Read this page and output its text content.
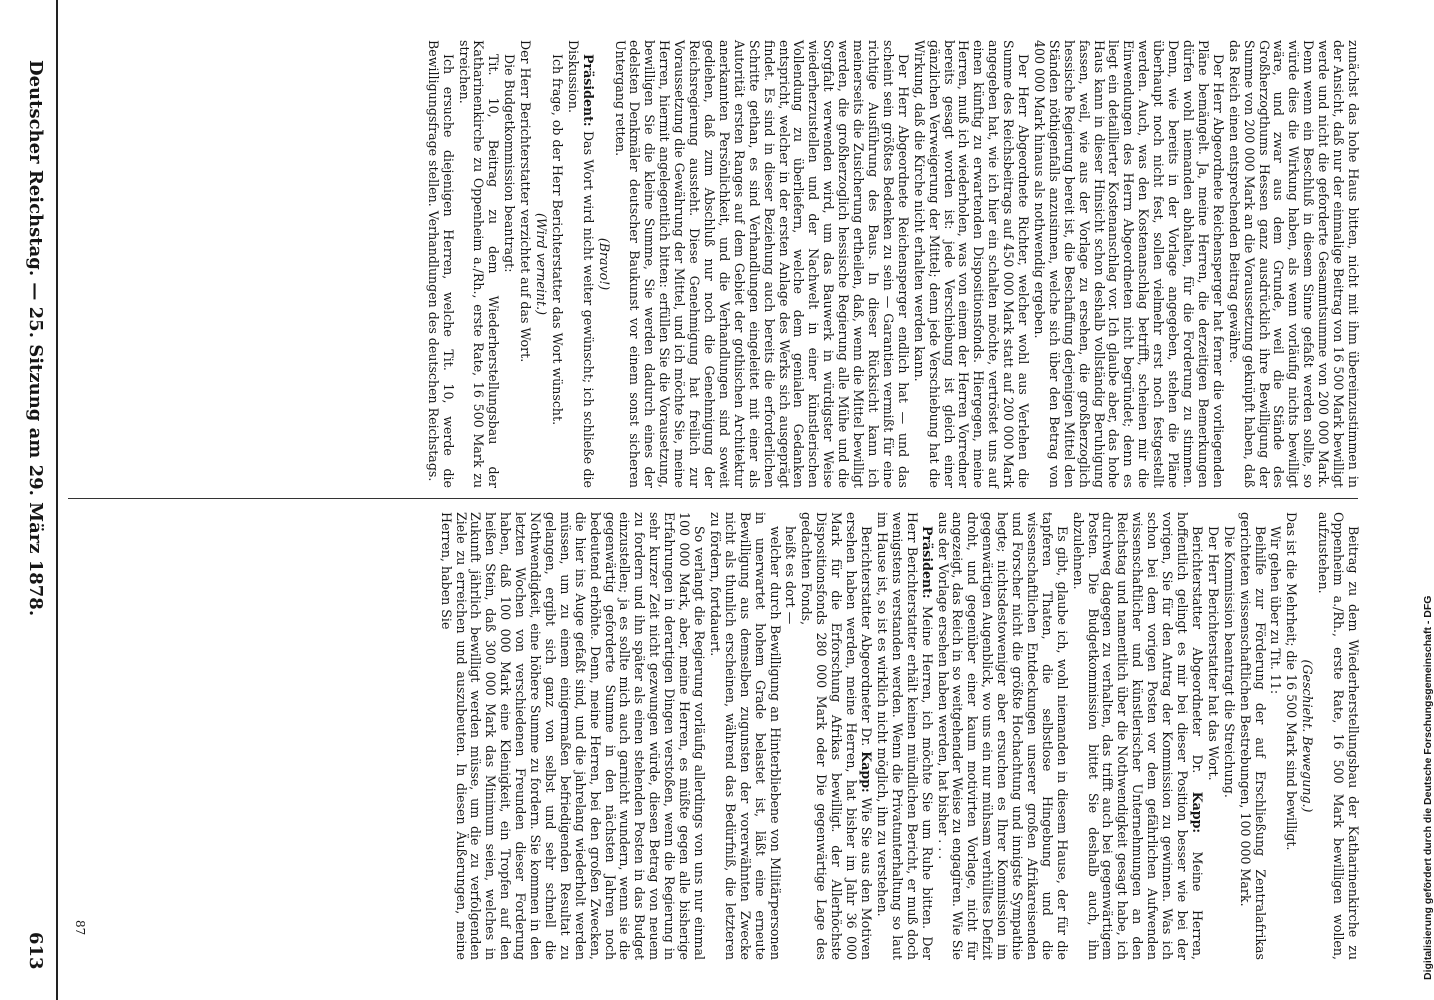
zunächst das hohe Haus bitten, nicht mit ihm übereinzustimmen in der Ansicht, daß nur der einmalige Beitrag von 16 500 Mark bewilligt werde und nicht die geforderte Gesammtsumme von 200 000 Mark. Denn wenn ein Beschluß in diesem Sinne gefaßt werden sollte, so würde dies die Wirkung haben, als wenn vorläufig nichts bewilligt wäre, und zwar aus dem Grunde, weil die Stände des Großherzogthums Hessen ganz ausdrücklich ihre Bewilligung der Summe von 200 000 Mark an die Voraussetzung geknüpft haben, daß das Reich einen entsprechenden Beitrag gewähre.

Der Herr Abgeordnete Reichensperger hat ferner die vorliegenden Pläne bemängelt. Ja, meine Herren, die derzeitigen Bemerkungen dürfen wohl niemanden abhalten, für die Forderung zu stimmen. Denn, wie bereits in der Vorlage angegeben, stehen die Pläne überhaupt noch nicht fest, sollen vielmehr erst noch festgestellt werden. Auch, was den Kostenanschlag betrifft, scheinen mir die Einwendungen des Herrn Abgeordneten nicht begründet; denn es liegt ein detaillierter Kostenanschlag vor. Ich glaube aber, das hohe Haus kann in dieser Hinsicht schon deshalb vollständig Beruhigung fassen, weil, wie aus der Vorlage zu ersehen, die großherzoglich hessische Regierung bereit ist, die Beschaffung derjenigen Mittel den Ständen nöthigenfalls anzusinnen, welche sich über den Betrag von 400 000 Mark hinaus als nothwendig ergeben.

Der Herr Abgeordnete Richter, welcher wohl aus Verlehen die Summe des Reichsbeitrags auf 450 000 Mark statt auf 200 000 Mark angegeben hat, wie ich hier ein schalten möchte, vertröstet uns auf einen künftig zu erwartenden Dispositionsfonds. Hiergegen, meine Herren, muß ich wiederholen, was von einem der Herren Vorredner bereits gesagt worden ist: jede Verschiebung ist gleich einer gänzlichen Verweigerung der Mittel; denn jede Verschiebung hat die Wirkung, daß die Kirche nicht erhalten werden kann.

Der Herr Abgeordnete Reichensperger endlich hat — und das scheint sein größtes Bedenken zu sein — Garantien vermißt für eine richtige Ausführung des Baus. In dieser Rücksicht kann ich meinerseits die Zusicherung ertheilen, daß, wenn die Mittel bewilligt werden, die großherzoglich hessische Regierung alle Mühe und die Sorgfalt verwenden wird, um das Bauwerk in würdigster Weise wiederherzustellen und der Nachwelt in einer künstlerischen Vollendung zu überliefern, welche dem genialen Gedanken entspricht, welcher in der ersten Anlage des Werks sich ausgeprägt findet. Es sind in dieser Beziehung auch bereits die erforderlichen Schritte gethan, es sind Verhandlungen eingeleitet mit einer als Autorität ersten Ranges auf dem Gebiet der gothischen Architektur anerkannten Persönlichkeit, und die Verhandlungen sind soweit gediehen, daß zum Abschluß nur noch die Genehmigung der Reichsregierung aussteht. Diese Genehmigung hat freilich zur Voraussetzung die Gewährung der Mittel, und ich möchte Sie, meine Herren, hiermit angelegentlich bitten: erfüllen Sie die Vorausetzung, bewilligen Sie die kleine Summe, Sie werden dadurch eines der edelsten Denkmäler deutscher Baukunst vor einem sonst sicheren Untergang retten.

(Bravo!)

Präsident: Das Wort wird nicht weiter gewünscht; ich schließe die Diskussion.

Ich frage, ob der Herr Berichterstatter das Wort wünscht.

(Wird verneint.)

Der Herr Berichterstatter verzichtet auf das Wort.

Die Budgetkommission beantragt:

Tit. 10, Beitrag zu dem Wiederherstellungsbau der Katharinenkirche zu Oppenheim a./Rh., erste Rate, 16 500 Mark zu streichen.

Ich ersuche diejenigen Herren, welche Tit. 10, werde die Bewilligungsfrage stellen. Verhandlungen des deutschen Reichstags.

Beitrag zu dem Wiederherstellungsbau der Katharinenkirche zu Oppenheim a./Rh., erste Rate, 16 500 Mark bewilligen wollen, aufzustehen.

(Geschieht. Bewegung.)

Das ist die Mehrheit; die 16 500 Mark sind bewilligt.

Wir gehen über zu Tit. 11:

Beihilfe zur Förderung der auf Erschließung Zentralafrikas gerichteten wissenschaftlichen Bestrebungen, 100 000 Mark.

Die Kommission beantragt die Streichung.

Der Herr Berichterstatter hat das Wort.

Berichterstatter Abgeordneter Dr. Kapp: Meine Herren, hoffentlich gelingt es mir bei dieser Position besser wie bei der vorigen, Sie für den Antrag der Kommission zu gewinnen. Was ich schon bei dem vorigen Posten vor dem gefährlichen Aufwenden wissenschaftlicher und künstlerischer Unternehmungen an den Reichstag und namentlich über die Nothwendigkeit gesagt habe, ich durchweg dagegen zu verhalten, das trifft auch bei gegenwärtigem Posten. Die Budgetkommission bittet Sie deshalb auch, ihn abzulehnen.

Es gibt, glaube ich, wohl niemanden in diesem Hause, der für die tapferen Thaten, die selbstlose Hingebung und die wissenschaftlichen Entdeckungen unserer großen Afrikareisenden und Forscher nicht die größte Hochachtung und innigste Sympathie hegte; nichtsdestoweniger aber ersuchen es Ihrer Kommission im gegenwärtigen Augenblick, wo uns ein nur mühsam verhülltes Defizit droht, und gegenüber einer kaum motivirten Vorlage, nicht für angezeigt, das Reich in so weitgehender Weise zu engagiren. Wie Sie aus der Vorlage ersehen haben werden, hat bisher . . .

Präsident: Meine Herren, ich möchte Sie um Ruhe bitten. Der Herr Berichterstatter erhält keinen mündlichen Bericht, er muß doch wenigstens verstanden werden. Wenn die Privatunterhaltung so laut im Hause ist, so ist es wirklich nicht möglich, ihn zu verstehen.

Berichterstatter Abgeordneter Dr. Kapp: Wie Sie aus den Motiven ersehen haben werden, meine Herren, hat bisher im Jahr 36 000 Mark für die Erforschung Afrikas bewilligt. der Allerhöchste Dispositionsfonds 280 000 Mark oder Die gegenwärtige Lage des gedachten Fonds,

heißt es dort —

welcher durch Bewilligung an Hinterbliebene von Militärpersonen in unerwartet hohem Grade belastet ist, läßt eine erneute Bewilligung aus demselben zugunsten der vorerwähnten Zwecke nicht als thunlich erscheinen, während das Bedürfniß, die letzteren zu fördern, fortdauert.

So verlangt die Regierung vorläufig allerdings von uns nur einmal 100 000 Mark, aber, meine Herren, es müßte gegen alle bisherige Erfahrungen in derartigen Dingen verstoßen, wenn die Regierung in sehr kurzer Zeit nicht gezwungen würde, diesen Betrag von neuem zu fordern und ihn später als einen stehenden Posten in das Budget einzustellen; ja es sollte mich auch garnicht wundern, wenn sie die gegenwärtig geforderte Summe in den nächsten Jahren noch bedeutend erhöhte. Denn, meine Herren, bei den großen Zwecken, die hier ins Auge gefaßt sind, und die jahrelang wiederholt werden müssen, um zu einem einigermaßen befriedigenden Resultat zu gelangen, ergibt sich ganz von selbst und sehr schnell die Nothwendigkeit, eine höhere Summe zu fordern. Sie kommen in den letzten Wochen von verschiedenen Freunden dieser Forderung haben, daß 100 000 Mark eine Kleinigkeit, ein Tropfen auf den heißen Stein, daß 300 000 Mark das Minimum seien, welches in Zukunft jährlich bewilligt werden müsse, um die zu verfolgenden Ziele zu erreichen und auszubeuten. In diesen Äußerungen, meine Herren, haben Sie

87
Deutscher Reichstag. — 25. Sitzung am 29. März 1878.
613	Digitalisierung gefördert durch die Deutsche Forschungsgemeinschaft - DFG
